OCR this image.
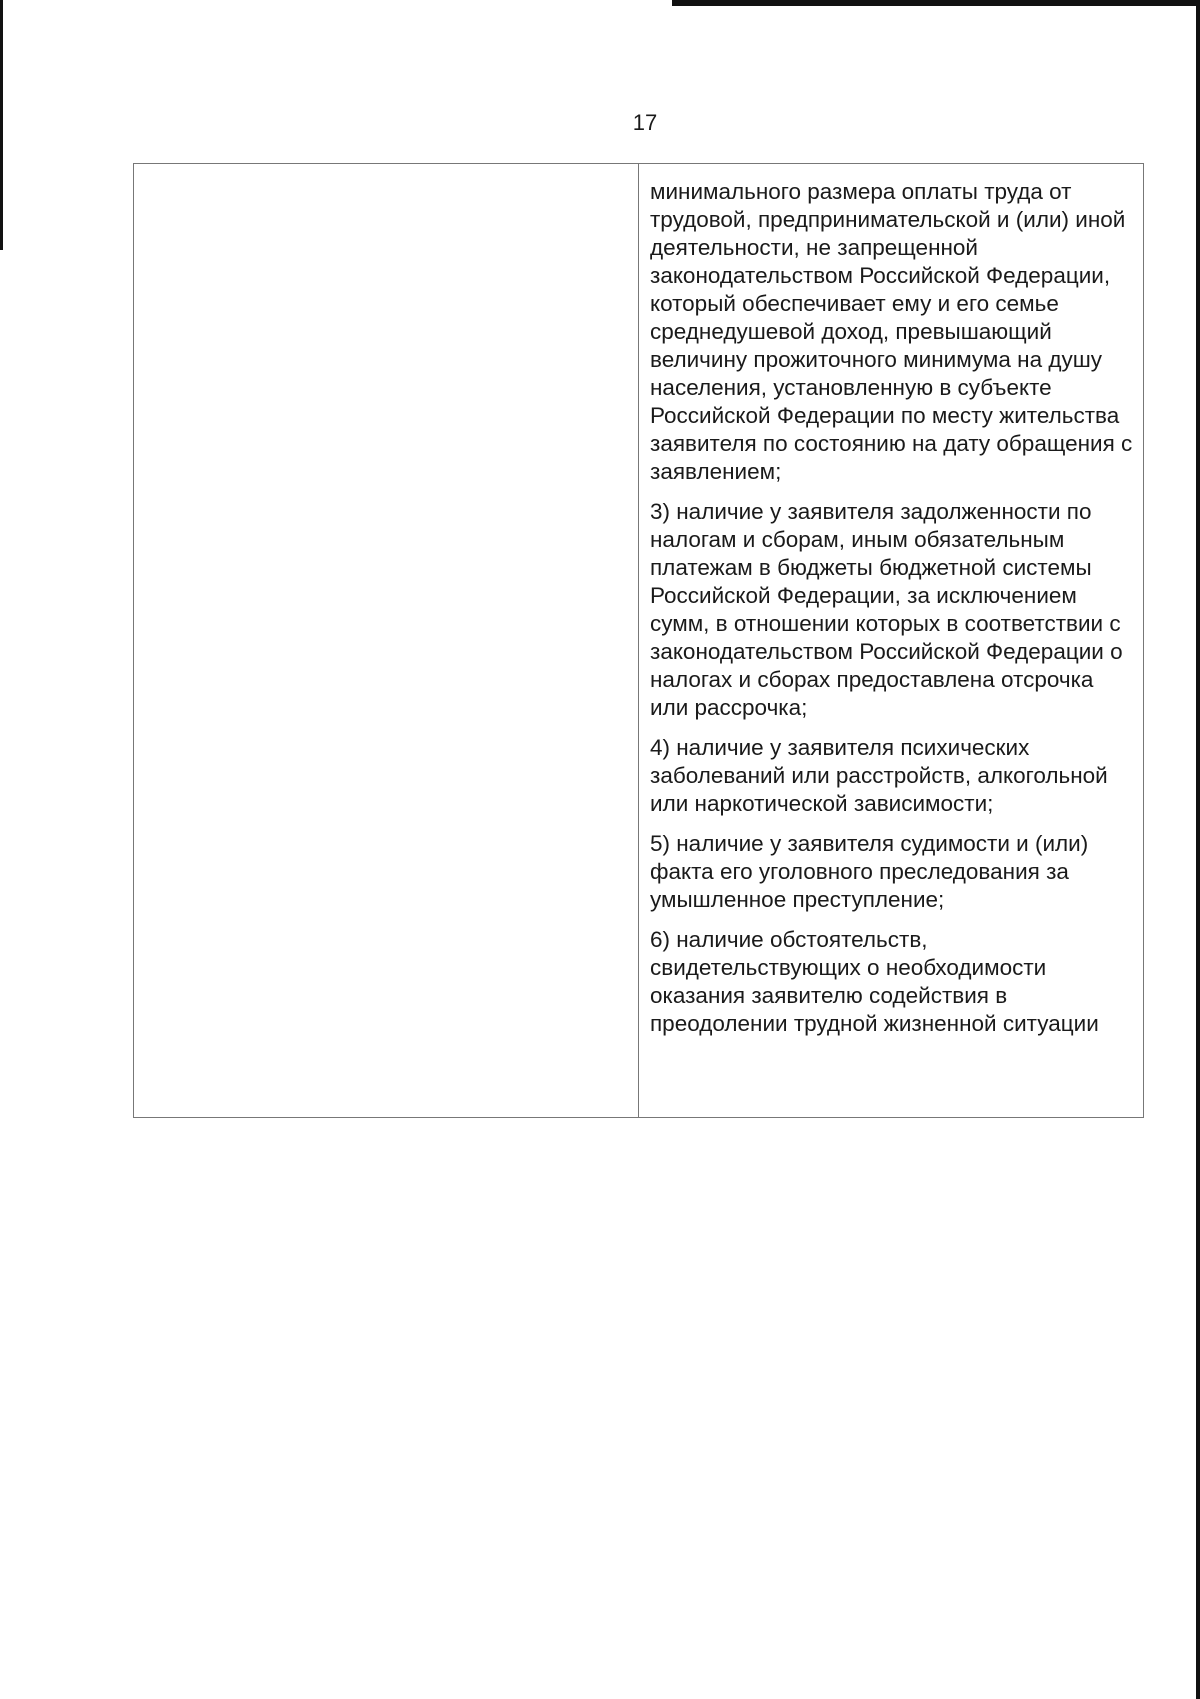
17

минимального размера оплаты труда от трудовой, предпринимательской и (или) иной деятельности, не запрещенной законодательством Российской Федерации, который обеспечивает ему и его семье среднедушевой доход, превышающий величину прожиточного минимума на душу населения, установленную в субъекте Российской Федерации по месту жительства заявителя по состоянию на дату обращения с заявлением;

3) наличие у заявителя задолженности по налогам и сборам, иным обязательным платежам в бюджеты бюджетной системы Российской Федерации, за исключением сумм, в отношении которых в соответствии с законодательством Российской Федерации о налогах и сборах предоставлена отсрочка или рассрочка;

4) наличие у заявителя психических заболеваний или расстройств, алкогольной или наркотической зависимости;

5) наличие у заявителя судимости и (или) факта его уголовного преследования за умышленное преступление;

6) наличие обстоятельств, свидетельствующих о необходимости оказания заявителю содействия в преодолении трудной жизненной ситуации
